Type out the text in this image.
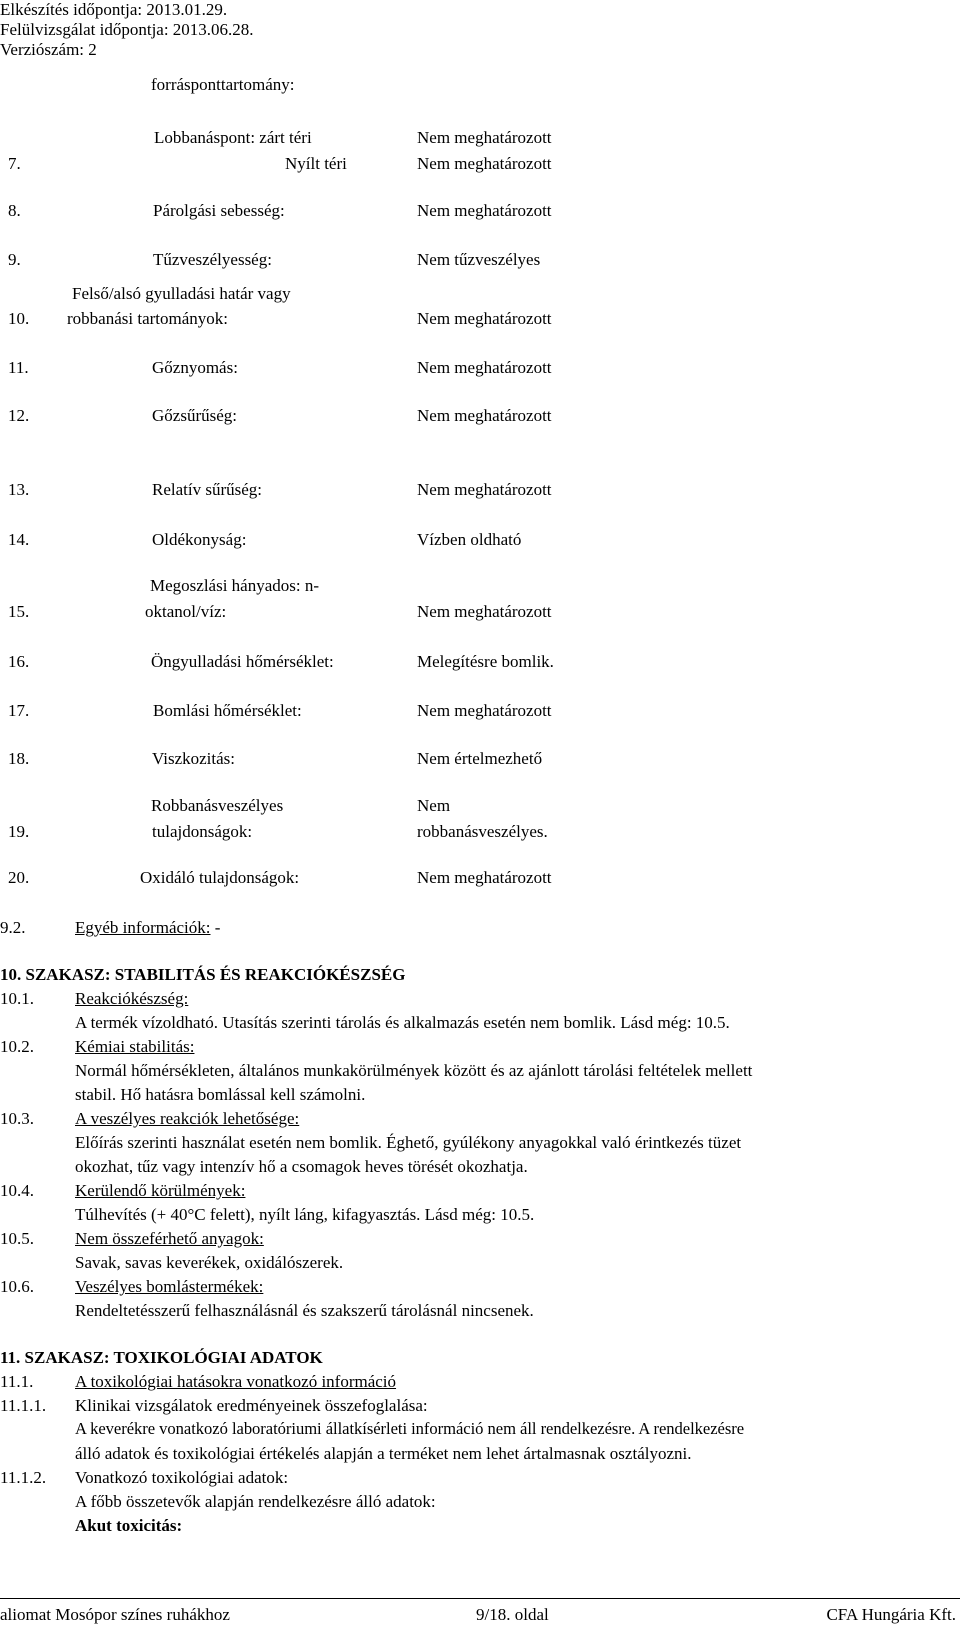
Elkészítés időpontja: 2013.01.29.
Felülvizsgálat időpontja: 2013.06.28.
Verziószám: 2
forrásponttartomány:
Lobbanáspont: zárt téri	Nem meghatározott
7.	Nyílt téri	Nem meghatározott
8.	Párolgási sebesség:	Nem meghatározott
9.	Tűzveszélyesség:	Nem tűzveszélyes
Felső/alsó gyulladási határ vagy
10. robbanási tartományok:	Nem meghatározott
11.	Gőznyomás:	Nem meghatározott
12.	Gőzsűrűség:	Nem meghatározott
13.	Relatív sűrűség:	Nem meghatározott
14.	Oldékonyság:	Vízben oldható
Megoszlási hányados: n-
15.	oktanol/víz:	Nem meghatározott
16.	Öngyulladási hőmérséklet:	Melegítésre bomlik.
17.	Bomlási hőmérséklet:	Nem meghatározott
18.	Viszkozitás:	Nem értelmezhető
Robbanásveszélyes	Nem
19.	tulajdonságok:	robbanásveszélyes.
20.	Oxidáló tulajdonságok:	Nem meghatározott
9.2.	Egyéb információk: -
10. SZAKASZ: STABILITÁS ÉS REAKCIÓKÉSZSÉG
10.1. Reakciókészség:
A termék vízoldható. Utasítás szerinti tárolás és alkalmazás esetén nem bomlik. Lásd még: 10.5.
10.2. Kémiai stabilitás:
Normál hőmérsékleten, általános munkakörülmények között és az ajánlott tárolási feltételek mellett
stabil. Hő hatásra bomlással kell számolni.
10.3. A veszélyes reakciók lehetősége:
Előírás szerinti használat esetén nem bomlik. Éghető, gyúlékony anyagokkal való érintkezés tüzet
okozhat, tűz vagy intenzív hő a csomagok heves törését okozhatja.
10.4. Kerülendő körülmények:
Túlhevítés (+ 40°C felett), nyílt láng, kifagyasztás. Lásd még: 10.5.
10.5. Nem összeférhető anyagok:
Savak, savas keverékek, oxidálószerek.
10.6. Veszélyes bomlástermékek:
Rendeltetésszerű felhasználásnál és szakszerű tárolásnál nincsenek.
11. SZAKASZ: TOXIKOLÓGIAI ADATOK
11.1. A toxikológiai hatásokra vonatkozó információ
11.1.1. Klinikai vizsgálatok eredményeinek összefoglalása:
A keverékre vonatkozó laboratóriumi állatkísérleti információ nem áll rendelkezésre. A rendelkezésre
álló adatok és toxikológiai értékelés alapján a terméket nem lehet ártalmasnak osztályozni.
11.1.2. Vonatkozó toxikológiai adatok:
A főbb összetevők alapján rendelkezésre álló adatok:
Akut toxicitás:
aliomat Mosópor színes ruhákhoz	9/18. oldal	CFA Hungária Kft.
